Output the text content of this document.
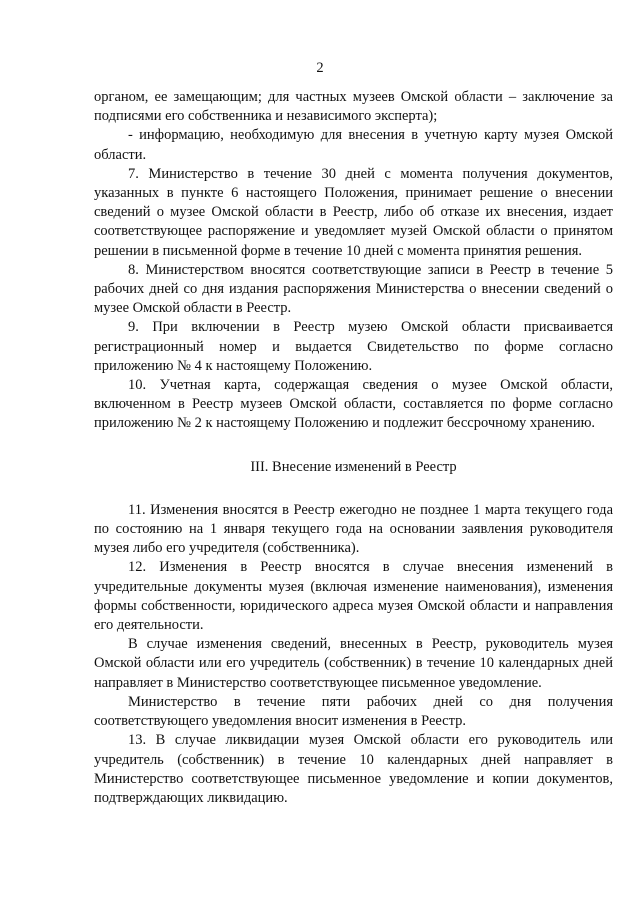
2

органом, ее замещающим; для частных музеев Омской области – заключение за подписями его собственника и независимого эксперта);

- информацию, необходимую для внесения в учетную карту музея Омской области.

7. Министерство в течение 30 дней с момента получения документов, указанных в пункте 6 настоящего Положения, принимает решение о внесении сведений о музее Омской области в Реестр, либо об отказе их внесения, издает соответствующее распоряжение и уведомляет музей Омской области о принятом решении в письменной форме в течение 10 дней с момента принятия решения.

8. Министерством вносятся соответствующие записи в Реестр в течение 5 рабочих дней со дня издания распоряжения Министерства о внесении сведений о музее Омской области в Реестр.

9. При включении в Реестр музею Омской области присваивается регистрационный номер и выдается Свидетельство по форме согласно приложению № 4 к настоящему Положению.

10. Учетная карта, содержащая сведения о музее Омской области, включенном в Реестр музеев Омской области, составляется по форме согласно приложению № 2 к настоящему Положению и подлежит бессрочному хранению.

III. Внесение изменений в Реестр

11. Изменения вносятся в Реестр ежегодно не позднее 1 марта текущего года по состоянию на 1 января текущего года на основании заявления руководителя музея либо его учредителя (собственника).

12. Изменения в Реестр вносятся в случае внесения изменений в учредительные документы музея (включая изменение наименования), изменения формы собственности, юридического адреса музея Омской области и направления его деятельности.

В случае изменения сведений, внесенных в Реестр, руководитель музея Омской области или его учредитель (собственник) в течение 10 календарных дней направляет в Министерство соответствующее письменное уведомление.

Министерство в течение пяти рабочих дней со дня получения соответствующего уведомления вносит изменения в Реестр.

13. В случае ликвидации музея Омской области его руководитель или учредитель (собственник) в течение 10 календарных дней направляет в Министерство соответствующее письменное уведомление и копии документов, подтверждающих ликвидацию.
